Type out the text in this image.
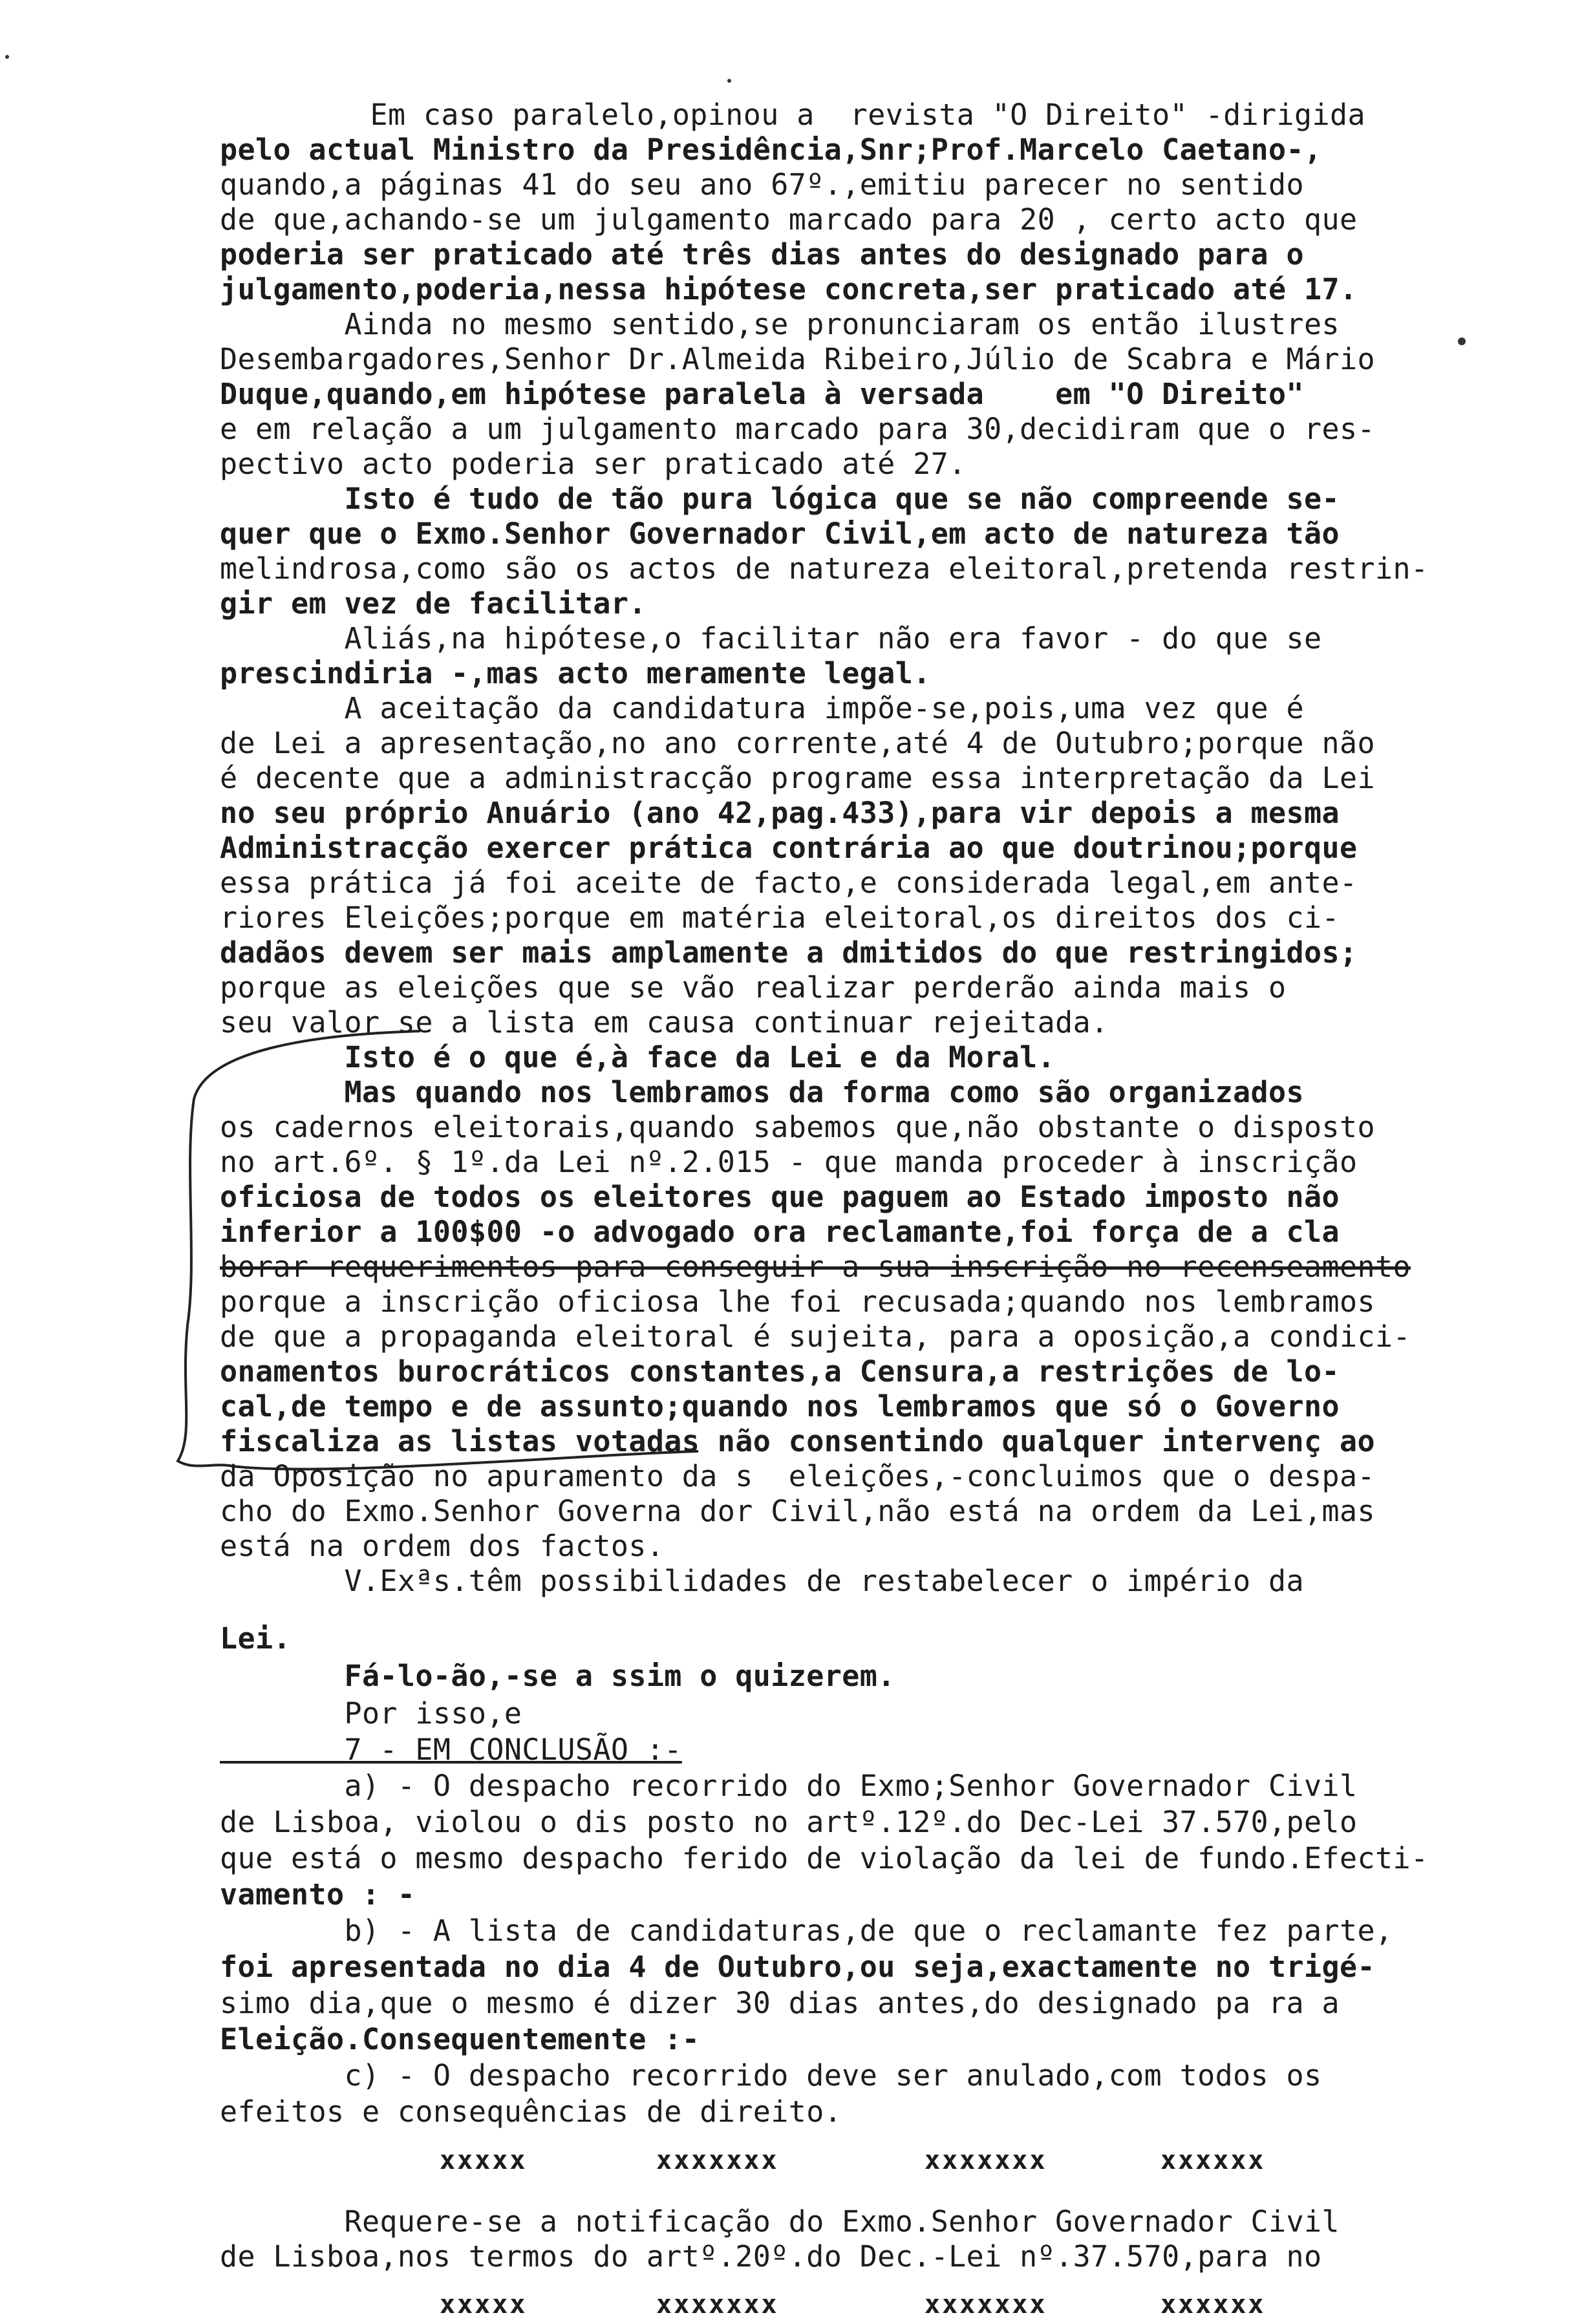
Em caso paralelo,opinou a  revista "O Direito" -dirigida
pelo actual Ministro da Presidência,Snr;Prof.Marcelo Caetano-,
quando,a páginas 41 do seu ano 67º.,emitiu parecer no sentido
de que,achando-se um julgamento marcado para 20 , certo acto que
poderia ser praticado até três dias antes do designado para o
julgamento,poderia,nessa hipótese concreta,ser praticado até 17.
Ainda no mesmo sentido,se pronunciaram os então ilustres
Desembargadores,Senhor Dr.Almeida Ribeiro,Júlio de Scabra e Mário
Duque,quando,em hipótese paralela à versada    em "O Direito"
e em relação a um julgamento marcado para 30,decidiram que o res-
pectivo acto poderia ser praticado até 27.
Isto é tudo de tão pura lógica que se não compreende se-
quer que o Exmo.Senhor Governador Civil,em acto de natureza tão
melindrosa,como são os actos de natureza eleitoral,pretenda restrin-
gir em vez de facilitar.
Aliás,na hipótese,o facilitar não era favor - do que se
prescindiria -,mas acto meramente legal.
A aceitação da candidatura impõe-se,pois,uma vez que é
de Lei a apresentação,no ano corrente,até 4 de Outubro;porque não
é decente que a administracção programe essa interpretação da Lei
no seu próprio Anuário (ano 42,pag.433),para vir depois a mesma
Administracção exercer prática contrária ao que doutrinou;porque
essa prática já foi aceite de facto,e considerada legal,em ante-
riores Eleições;porque em matéria eleitoral,os direitos dos ci-
dadãos devem ser mais amplamente a dmitidos do que restringidos;
porque as eleições que se vão realizar perderão ainda mais o
seu valor se a lista em causa continuar rejeitada.
Isto é o que é,à face da Lei e da Moral.
Mas quando nos lembramos da forma como são organizados
os cadernos eleitorais,quando sabemos que,não obstante o disposto
no art.6º. § 1º.da Lei nº.2.015 - que manda proceder à inscrição
oficiosa de todos os eleitores que paguem ao Estado imposto não
inferior a 100$00 -o advogado ora reclamante,foi força de a cla
borar requerimentos para conseguir a sua inscrição no recenseamento
porque a inscrição oficiosa lhe foi recusada;quando nos lembramos
de que a propaganda eleitoral é sujeita, para a oposição,a condici-
onamentos burocráticos constantes,a Censura,a restrições de lo-
cal,de tempo e de assunto;quando nos lembramos que só o Governo
fiscaliza as listas votadas não consentindo qualquer intervenç ao
da Oposição no apuramento da s  eleições,-concluimos que o despa-
cho do Exmo.Senhor Governa dor Civil,não está na ordem da Lei,mas
está na ordem dos factos.
V.Exªs.têm possibilidades de restabelecer o império da
Lei.
Fá-lo-ão,-se a ssim o quizerem.
Por isso,e
7 - EM CONCLUSÃO :-
a) - O despacho recorrido do Exmo;Senhor Governador Civil
de Lisboa, violou o dis posto no artº.12º.do Dec-Lei 37.570,pelo
que está o mesmo despacho ferido de violação da lei de fundo.Efecti-
vamento : -
b) - A lista de candidaturas,de que o reclamante fez parte,
foi apresentada no dia 4 de Outubro,ou seja,exactamente no trigé-
simo dia,que o mesmo é dizer 30 dias antes,do designado pa ra a
Eleição.Consequentemente :-
c) - O despacho recorrido deve ser anulado,com todos os
xxxxx	xxxxxxx	xxxxxxx	xxxxxx
efeitos e consequências de direito.
Requere-se a notificação do Exmo.Senhor Governador Civil
de Lisboa,nos termos do artº.20º.do Dec.-Lei nº.37.570,para no
xxxxx	xxxxxxx	xxxxxxx	xxxxxx
